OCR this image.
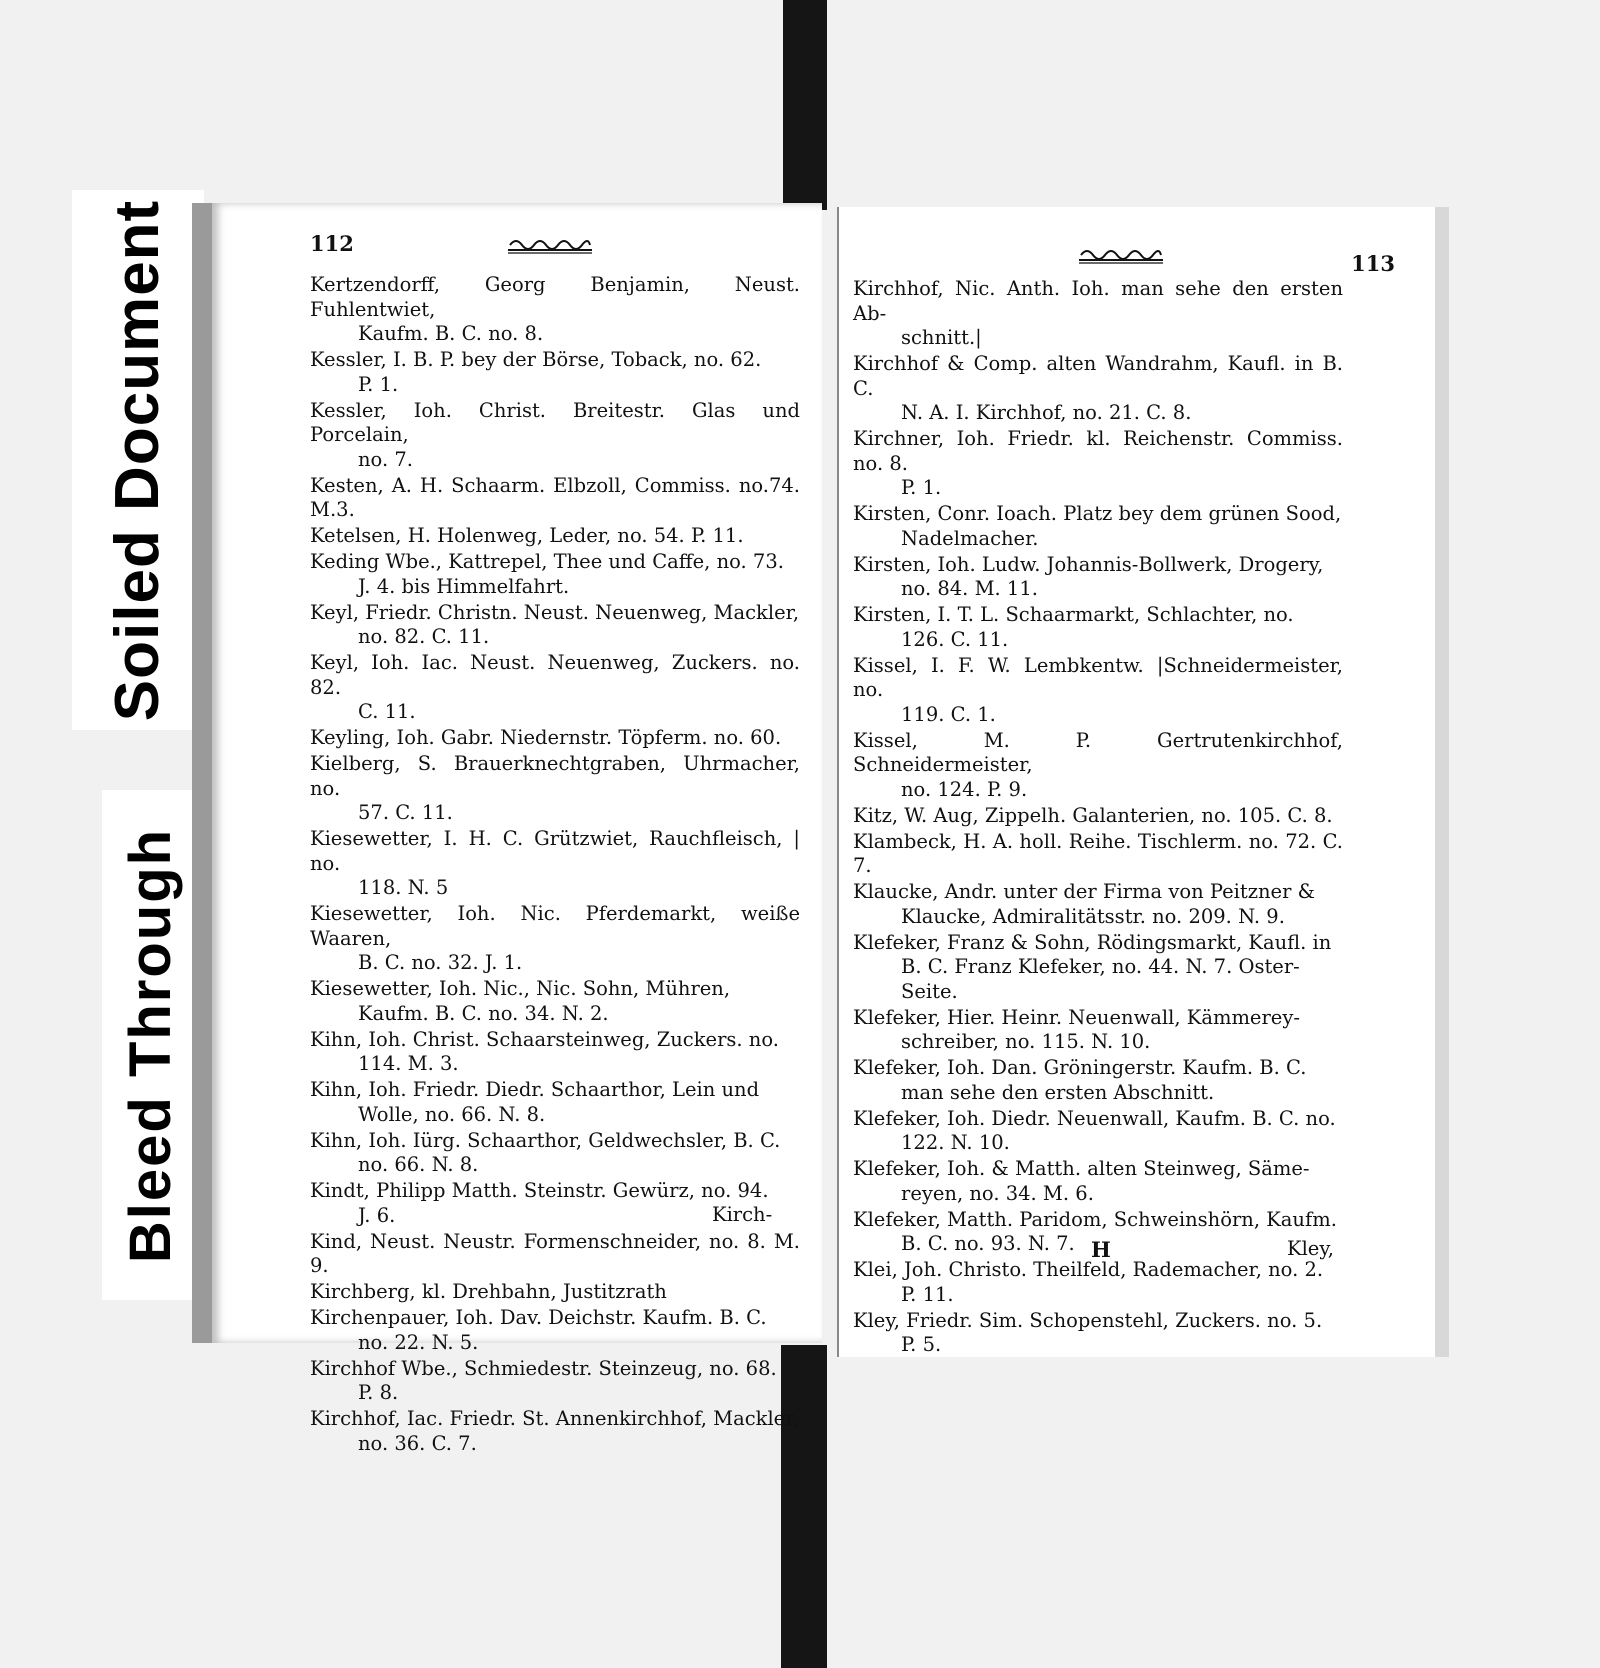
Soiled Document
Bleed Through
112
Kertzendorff, Georg Benjamin, Neust. Fuhlentwiet,
Kaufm. B. C. no. 8.
Kessler, I. B. P. bey der Börse, Toback, no. 62.
P. 1.
Kessler, Ioh. Christ. Breitestr. Glas und Porcelain,
no. 7.
Kesten, A. H. Schaarm. Elbzoll, Commiss. no.74. M.3.
Ketelsen, H. Holenweg, Leder, no. 54. P. 11.
Keding Wbe., Kattrepel, Thee und Caffe, no. 73.
J. 4. bis Himmelfahrt.
Keyl, Friedr. Christn. Neust. Neuenweg, Mackler,
no. 82. C. 11.
Keyl, Ioh. Iac. Neust. Neuenweg, Zuckers. no. 82.
C. 11.
Keyling, Ioh. Gabr. Niedernstr. Töpferm. no. 60.
Kielberg, S. Brauerknechtgraben, Uhrmacher, no.
57. C. 11.
Kiesewetter, I. H. C. Grützwiet, Rauchfleisch, | no.
118. N. 5
Kiesewetter, Ioh. Nic. Pferdemarkt, weiße Waaren,
B. C. no. 32. J. 1.
Kiesewetter, Ioh. Nic., Nic. Sohn, Mühren,
Kaufm. B. C. no. 34. N. 2.
Kihn, Ioh. Christ. Schaarsteinweg, Zuckers. no.
114. M. 3.
Kihn, Ioh. Friedr. Diedr. Schaarthor, Lein und
Wolle, no. 66. N. 8.
Kihn, Ioh. Iürg. Schaarthor, Geldwechsler, B. C.
no. 66. N. 8.
Kindt, Philipp Matth. Steinstr. Gewürz, no. 94.
J. 6.
Kind, Neust. Neustr. Formenschneider, no. 8. M. 9.
Kirchberg, kl. Drehbahn, Justitzrath
Kirchenpauer, Ioh. Dav. Deichstr. Kaufm. B. C.
no. 22. N. 5.
Kirchhof Wbe., Schmiedestr. Steinzeug, no. 68.
P. 8.
Kirchhof, Iac. Friedr. St. Annenkirchhof, Mackler,
no. 36. C. 7.
Kirch-
113
Kirchhof, Nic. Anth. Ioh. man sehe den ersten Ab-
schnitt.|
Kirchhof & Comp. alten Wandrahm, Kaufl. in B. C.
N. A. I. Kirchhof, no. 21. C. 8.
Kirchner, Ioh. Friedr. kl. Reichenstr. Commiss. no. 8.
P. 1.
Kirsten, Conr. Ioach. Platz bey dem grünen Sood,
Nadelmacher.
Kirsten, Ioh. Ludw. Johannis-Bollwerk, Drogery,
no. 84. M. 11.
Kirsten, I. T. L. Schaarmarkt, Schlachter, no.
126. C. 11.
Kissel, I. F. W. Lembkentw. |Schneidermeister, no.
119. C. 1.
Kissel, M. P. Gertrutenkirchhof, Schneidermeister,
no. 124. P. 9.
Kitz, W. Aug, Zippelh. Galanterien, no. 105. C. 8.
Klambeck, H. A. holl. Reihe. Tischlerm. no. 72. C. 7.
Klaucke, Andr. unter der Firma von Peitzner &
Klaucke, Admiralitätsstr. no. 209. N. 9.
Klefeker, Franz & Sohn, Rödingsmarkt, Kaufl. in
B. C. Franz Klefeker, no. 44. N. 7. Oster-Seite.
Klefeker, Hier. Heinr. Neuenwall, Kämmerey-
schreiber, no. 115. N. 10.
Klefeker, Ioh. Dan. Gröningerstr. Kaufm. B. C.
man sehe den ersten Abschnitt.
Klefeker, Ioh. Diedr. Neuenwall, Kaufm. B. C. no.
122. N. 10.
Klefeker, Ioh. & Matth. alten Steinweg, Säme-
reyen, no. 34. M. 6.
Klefeker, Matth. Paridom, Schweinshörn, Kaufm.
B. C. no. 93. N. 7.
Klei, Joh. Christo. Theilfeld, Rademacher, no. 2.
P. 11.
Kley, Friedr. Sim. Schopenstehl, Zuckers. no. 5.
P. 5.
H	Kley,
